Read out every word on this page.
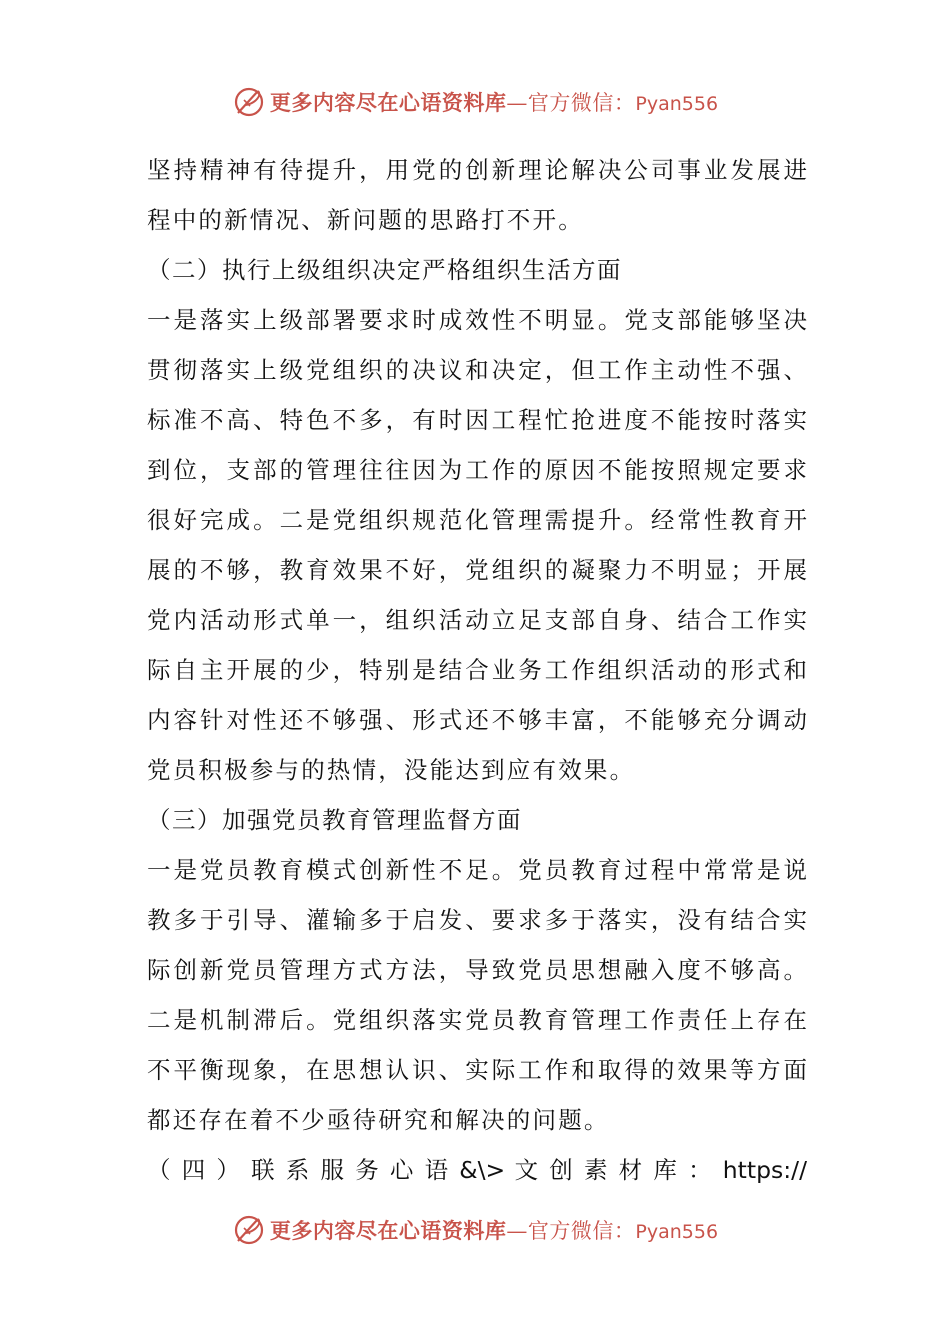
更多内容尽在心语资料库—官方微信：Pyan556
坚持精神有待提升，用党的创新理论解决公司事业发展进
程中的新情况、新问题的思路打不开。
（二）执行上级组织决定严格组织生活方面
一是落实上级部署要求时成效性不明显。党支部能够坚决
贯彻落实上级党组织的决议和决定，但工作主动性不强、
标准不高、特色不多，有时因工程忙抢进度不能按时落实
到位，支部的管理往往因为工作的原因不能按照规定要求
很好完成。二是党组织规范化管理需提升。经常性教育开
展的不够，教育效果不好，党组织的凝聚力不明显；开展
党内活动形式单一，组织活动立足支部自身、结合工作实
际自主开展的少，特别是结合业务工作组织活动的形式和
内容针对性还不够强、形式还不够丰富，不能够充分调动
党员积极参与的热情，没能达到应有效果。
（三）加强党员教育管理监督方面
一是党员教育模式创新性不足。党员教育过程中常常是说
教多于引导、灌输多于启发、要求多于落实，没有结合实
际创新党员管理方式方法，导致党员思想融入度不够高。
二是机制滞后。党组织落实党员教育管理工作责任上存在
不平衡现象，在思想认识、实际工作和取得的效果等方面
都还存在着不少亟待研究和解决的问题。
（ 四 ） 联 系 服 务 心 语 &\> 文 创 素 材 库 ： https://
更多内容尽在心语资料库—官方微信：Pyan556
